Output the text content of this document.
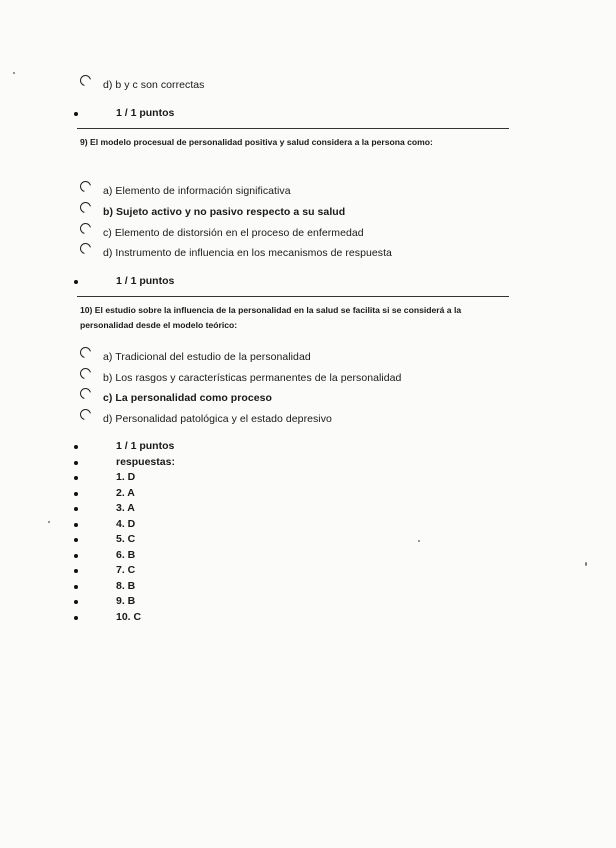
d) b y c son correctas
1 / 1 puntos
9) El modelo procesual de personalidad positiva y salud considera a la persona como:
a) Elemento de información significativa
b) Sujeto activo y no pasivo respecto a su salud
c) Elemento de distorsión en el proceso de enfermedad
d) Instrumento de influencia en los mecanismos de respuesta
1 / 1 puntos
10) El estudio sobre la influencia de la personalidad en la salud se facilita si se considerá a la
personalidad desde el modelo teórico:
a) Tradicional del estudio de la personalidad
b) Los rasgos y características permanentes de la personalidad
c) La personalidad como proceso
d) Personalidad patológica y el estado depresivo
1 / 1 puntos
respuestas:
1. D
2. A
3. A
4. D
5. C
6. B
7. C
8. B
9. B
10. C
